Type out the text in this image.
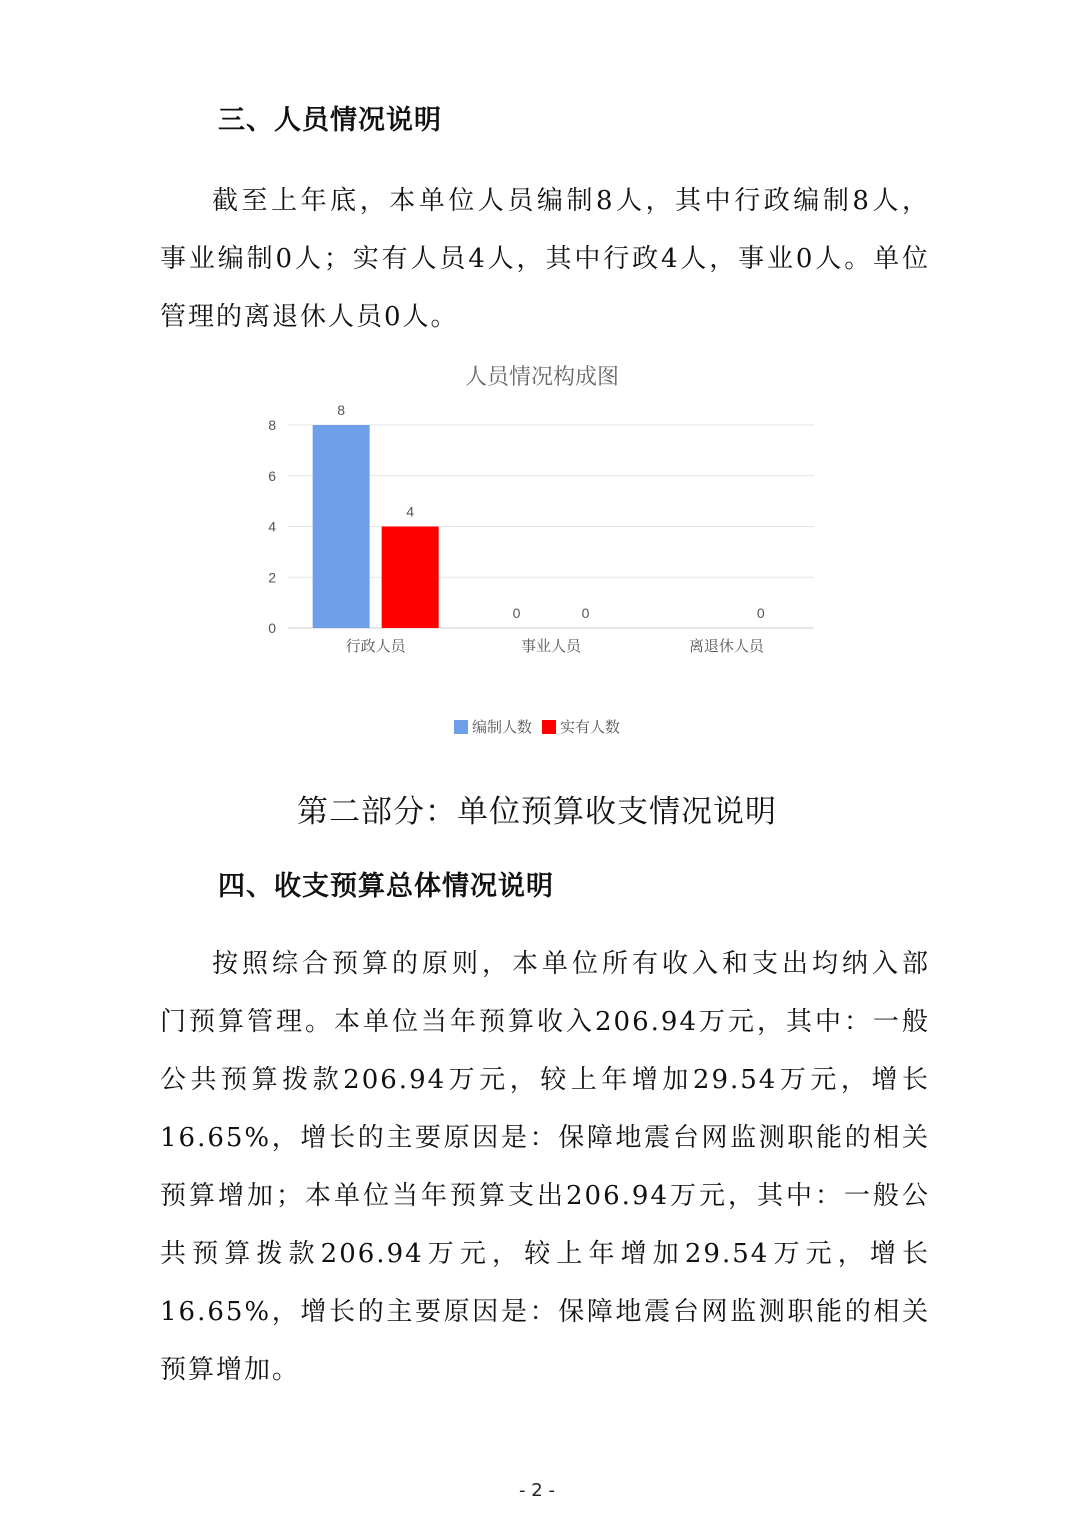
三、人员情况说明
截至上年底，本单位人员编制8人，其中行政编制8人，
事业编制0人；实有人员4人，其中行政4人，事业0人。单位
管理的离退休人员0人。
人员情况构成图
0
2
4
6
8
行政人员
8
4
事业人员
0	0
离退休人员
0
编制人数 实有人数
第二部分：单位预算收支情况说明
四、收支预算总体情况说明
按照综合预算的原则，本单位所有收入和支出均纳入部
门预算管理。本单位当年预算收入206.94万元，其中：一般
公共预算拨款206.94万元，较上年增加29.54万元，增长
16.65%，增长的主要原因是：保障地震台网监测职能的相关
预算增加；本单位当年预算支出206.94万元，其中：一般公
共预算拨款206.94万元，较上年增加29.54万元，增长
16.65%，增长的主要原因是：保障地震台网监测职能的相关
预算增加。
- 2 -
